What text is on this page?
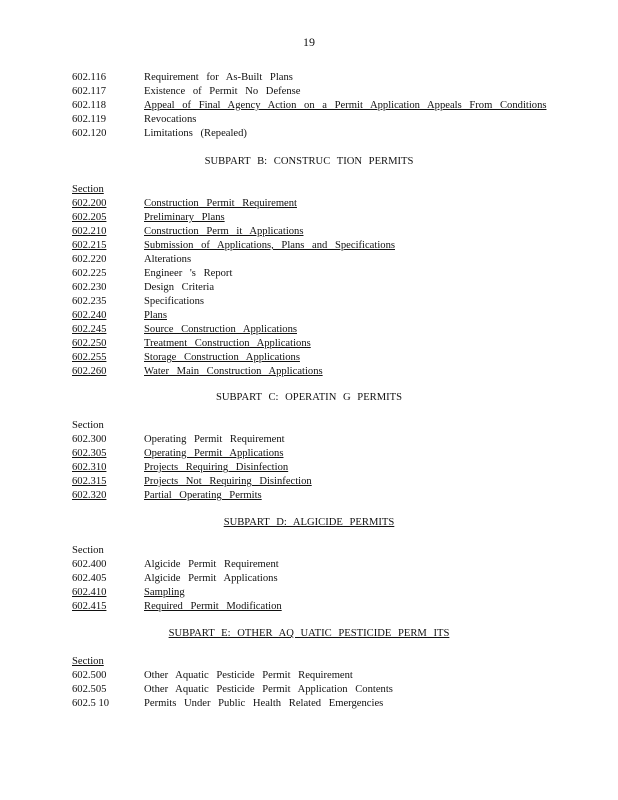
19
602.116	Requirement for As-Built Plans
602.117	Existence of Permit No Defense
602.118	Appeal of Final Agency Action on a Permit Application Appeals From Conditions
602.119	Revocations
602.120	Limitations (Repealed)
SUBPART B: CONSTRUC TION PERMITS
Section
602.200	Construction Permit Requirement
602.205	Preliminary Plans
602.210	Construction Perm it Applications
602.215	Submission of Applications, Plans and Specifications
602.220	Alterations
602.225	Engineer 's Report
602.230	Design Criteria
602.235	Specifications
602.240	Plans
602.245	Source Construction Applications
602.250	Treatment Construction Applications
602.255	Storage Construction Applications
602.260	Water Main Construction Applications
SUBPART C: OPERATIN G PERMITS
Section
602.300	Operating Permit Requirement
602.305	Operating Permit Applications
602.310	Projects Requiring Disinfection
602.315	Projects Not Requiring Disinfection
602.320	Partial Operating Permits
SUBPART D: ALGICIDE PERMITS
Section
602.400	Algicide Permit Requirement
602.405	Algicide Permit Applications
602.410	Sampling
602.415	Required Permit Modification
SUBPART E: OTHER AQ UATIC PESTICIDE PERM ITS
Section
602.500	Other Aquatic Pesticide Permit Requirement
602.505	Other Aquatic Pesticide Permit Application Contents
602.5 10	Permits Under Public Health Related Emergencies
